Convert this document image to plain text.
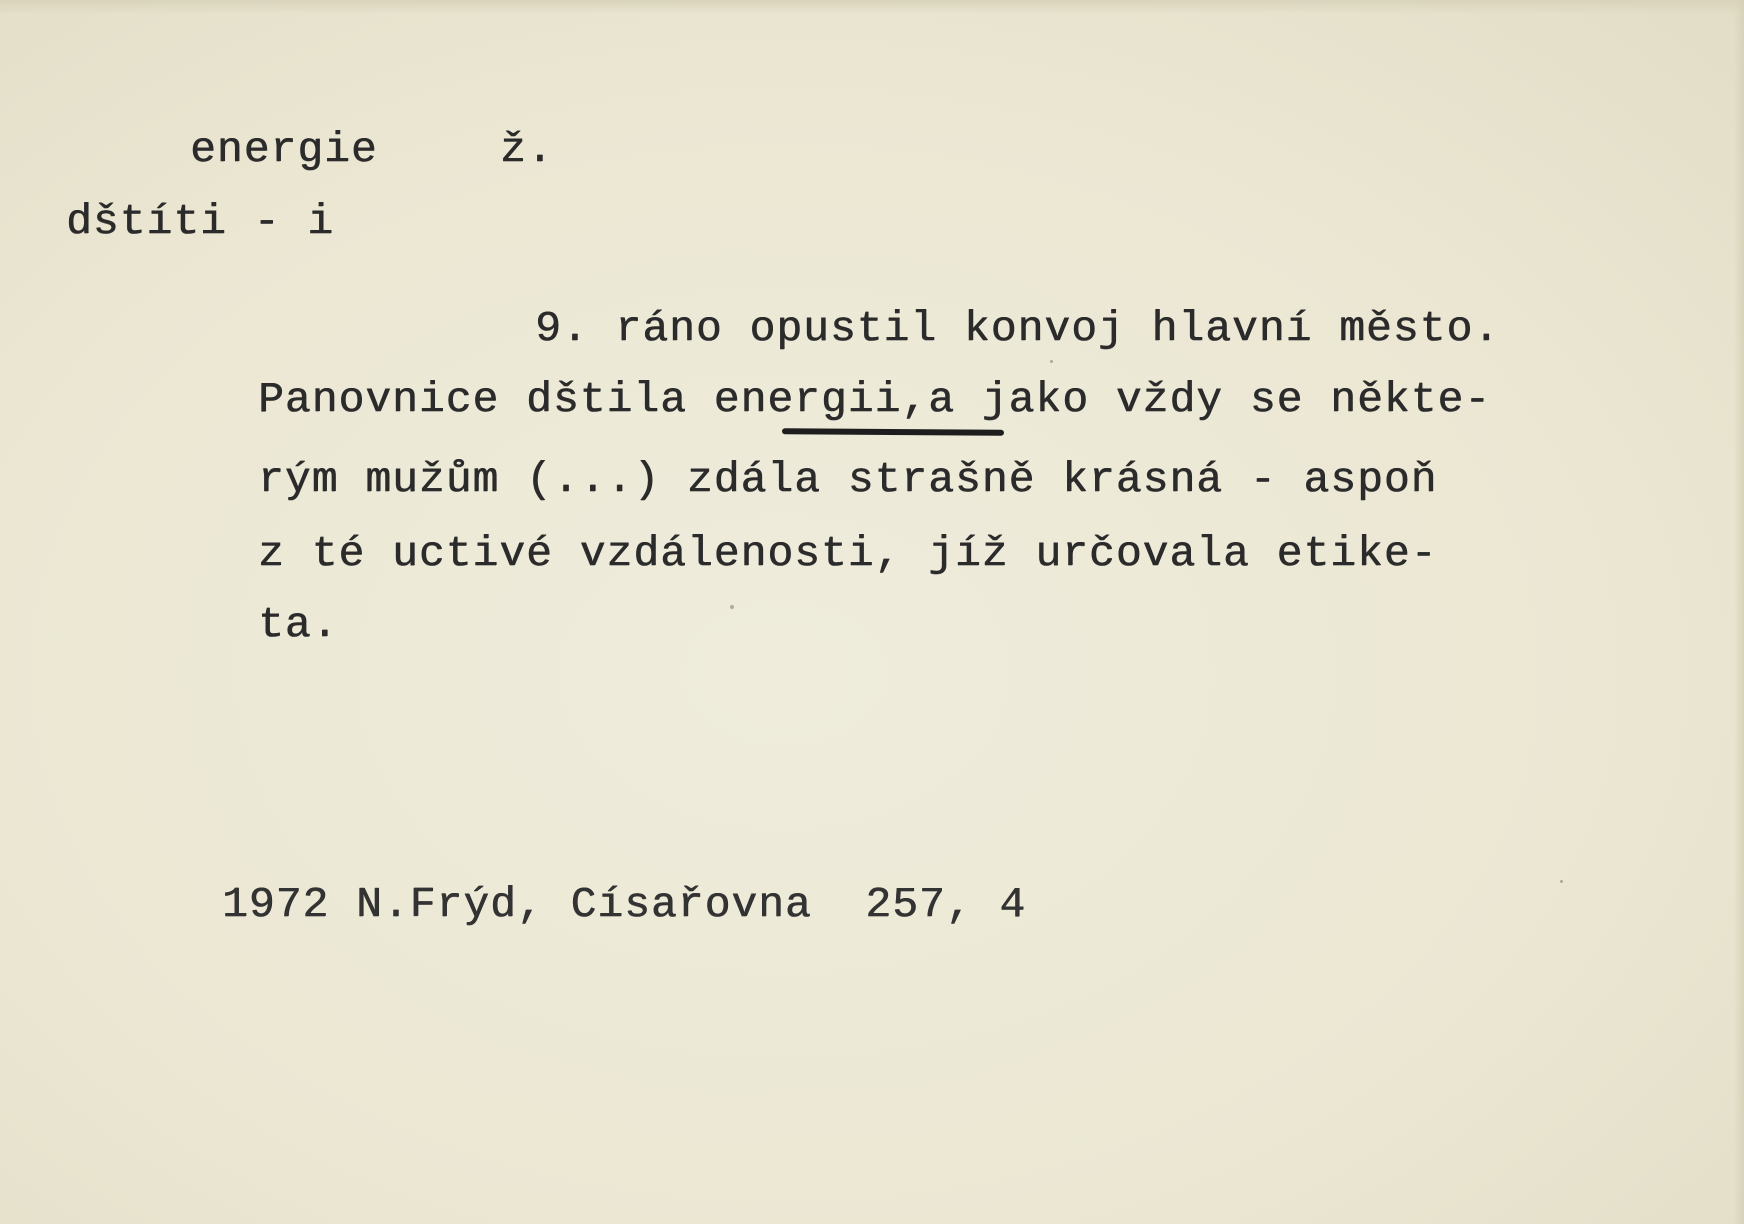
energie	ž.
dštíti - i
9. ráno opustil konvoj hlavní město.
Panovnice dštila energii,a jako vždy se někte-
rým mužům (...) zdála strašně krásná - aspoň
z té uctivé vzdálenosti, jíž určovala etike-
ta.
1972 N.Frýd, Císařovna  257, 4
